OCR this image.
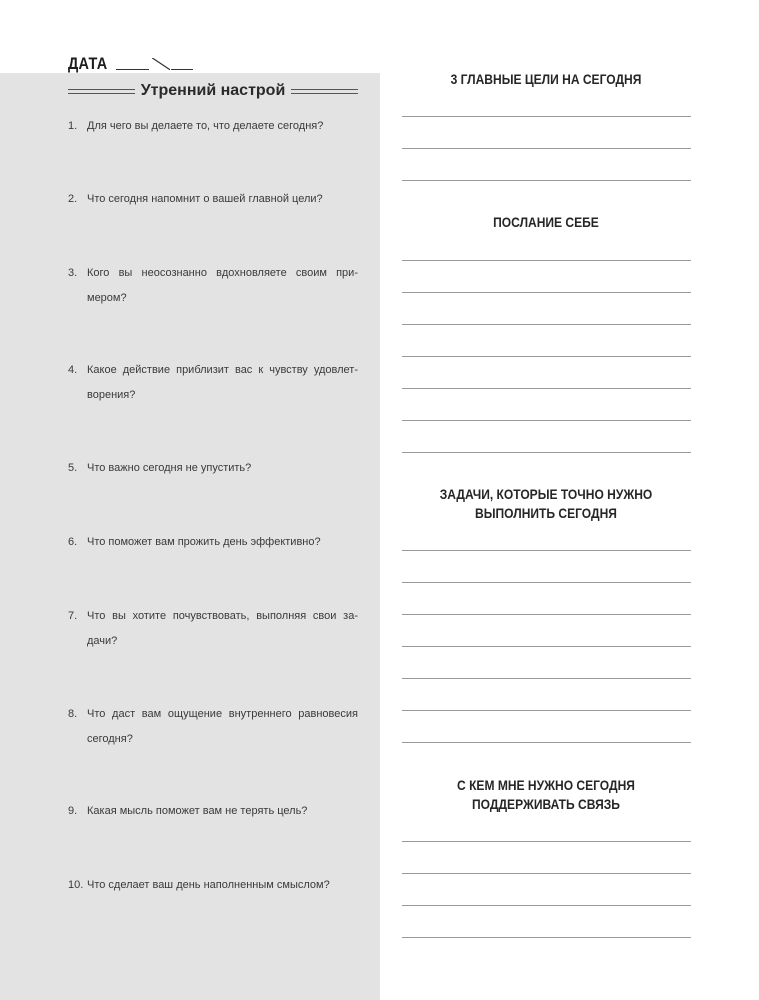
ДАТА
Утренний настрой
1. Для чего вы делаете то, что делаете сегодня?
2. Что сегодня напомнит о вашей главной цели?
3. Кого вы неосознанно вдохновляете своим при-
мером?
4. Какое действие приблизит вас к чувству удовлет-
ворения?
5. Что важно сегодня не упустить?
6. Что поможет вам прожить день эффективно?
7. Что вы хотите почувствовать, выполняя свои за-
дачи?
8. Что даст вам ощущение внутреннего равновесия
сегодня?
9. Какая мысль поможет вам не терять цель?
10. Что сделает ваш день наполненным смыслом?
3 ГЛАВНЫЕ ЦЕЛИ НА СЕГОДНЯ
ПОСЛАНИЕ СЕБЕ
ЗАДАЧИ, КОТОРЫЕ ТОЧНО НУЖНО
ВЫПОЛНИТЬ СЕГОДНЯ
С КЕМ МНЕ НУЖНО СЕГОДНЯ
ПОДДЕРЖИВАТЬ СВЯЗЬ
